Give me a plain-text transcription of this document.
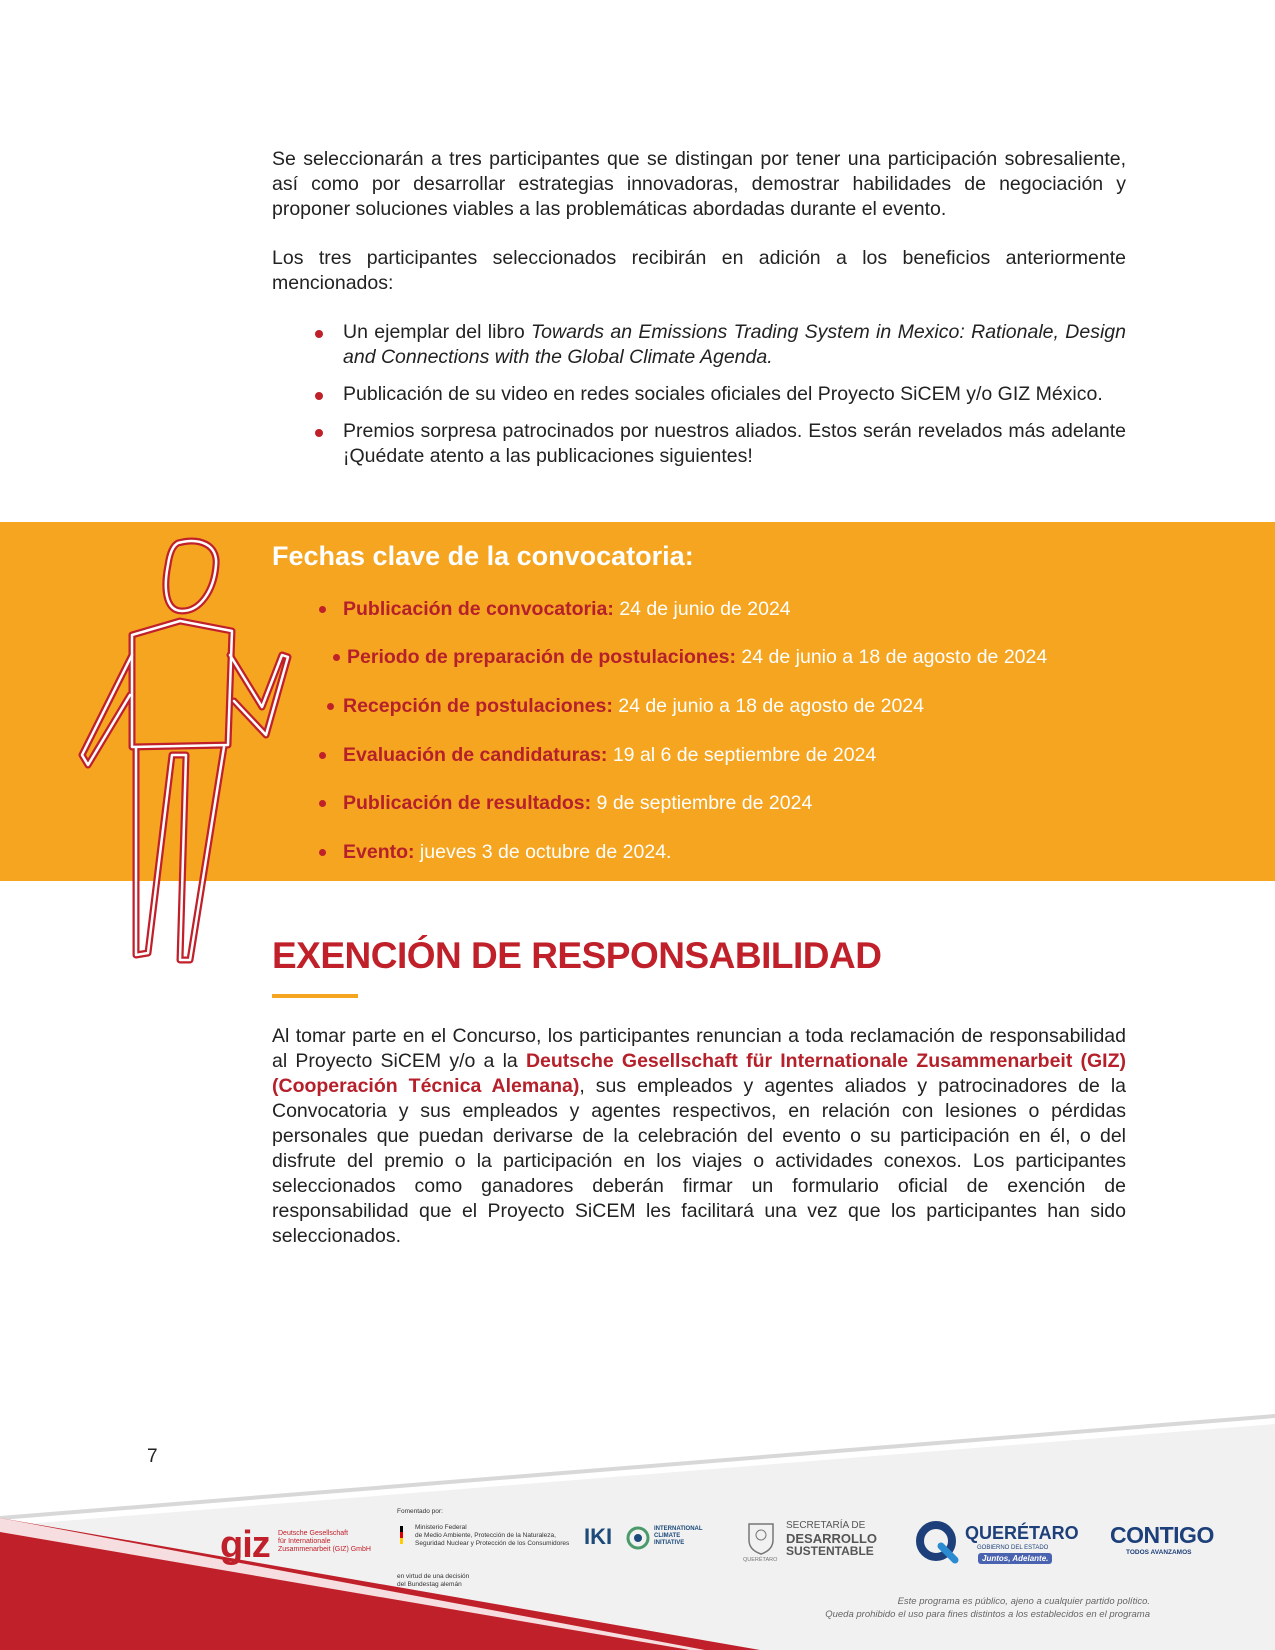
Se seleccionarán a tres participantes que se distingan por tener una participación sobresaliente, así como por desarrollar estrategias innovadoras, demostrar habilidades de negociación y proponer soluciones viables a las problemáticas abordadas durante el evento.

Los tres participantes seleccionados recibirán en adición a los beneficios anteriormente mencionados:

Un ejemplar del libro Towards an Emissions Trading System in Mexico: Rationale, Design and Connections with the Global Climate Agenda.
Publicación de su video en redes sociales oficiales del Proyecto SiCEM y/o GIZ México.
Premios sorpresa patrocinados por nuestros aliados. Estos serán revelados más adelante ¡Quédate atento a las publicaciones siguientes!
Fechas clave de la convocatoria:
Publicación de convocatoria: 24 de junio de 2024
Periodo de preparación de postulaciones: 24 de junio a 18 de agosto de 2024
Recepción de postulaciones: 24 de junio a 18 de agosto de 2024
Evaluación de candidaturas: 19 al 6 de septiembre de 2024
Publicación de resultados: 9 de septiembre de 2024
Evento: jueves 3 de octubre de 2024.
EXENCIÓN DE RESPONSABILIDAD

Al tomar parte en el Concurso, los participantes renuncian a toda reclamación de responsabilidad al Proyecto SiCEM y/o a la Deutsche Gesellschaft für Internationale Zusammenarbeit (GIZ) (Cooperación Técnica Alemana), sus empleados y agentes aliados y patrocinadores de la Convocatoria y sus empleados y agentes respectivos, en relación con lesiones o pérdidas personales que puedan derivarse de la celebración del evento o su participación en él, o del disfrute del premio o la participación en los viajes o actividades conexos. Los participantes seleccionados como ganadores deberán firmar un formulario oficial de exención de responsabilidad que el Proyecto SiCEM les facilitará una vez que los participantes han sido seleccionados.

7
giz Deutsche Gesellschaft
für Internationale
Zusammenarbeit (GIZ) GmbH
Fomentado por:
Ministerio Federal
de Medio Ambiente, Protección de la Naturaleza,
Seguridad Nuclear y Protección de los Consumidores
en virtud de una decisión
del Bundestag alemán
IKI	INTERNATIONAL
CLIMATE
INITIATIVE
QUERÉTARO
SECRETARÍA DE
DESARROLLO
SUSTENTABLE
QUERÉTARO
GOBIERNO DEL ESTADO
Juntos, Adelante.
CONTIGO
TODOS AVANZAMOS
Este programa es público, ajeno a cualquier partido político.
Queda prohibido el uso para fines distintos a los establecidos en el programa
